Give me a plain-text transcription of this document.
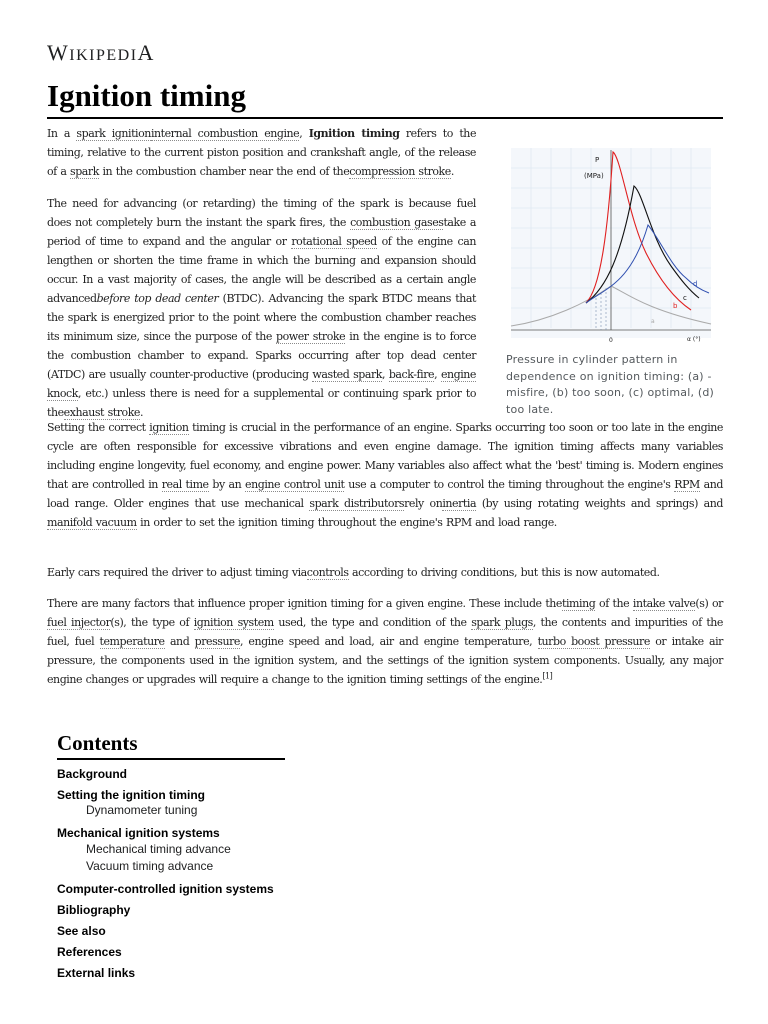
WIKIPEDIA
Ignition timing
In a spark ignitioninternal combustion engine, Ignition timing refers to the timing, relative to the current piston position and crankshaft angle, of the release of a spark in the combustion chamber near the end of thecompression stroke.
The need for advancing (or retarding) the timing of the spark is because fuel does not completely burn the instant the spark fires, the combustion gasestake a period of time to expand and the angular or rotational speed of the engine can lengthen or shorten the time frame in which the burning and expansion should occur. In a vast majority of cases, the angle will be described as a certain angle advancedbefore top dead center (BTDC). Advancing the spark BTDC means that the spark is energized prior to the point where the combustion chamber reaches its minimum size, since the purpose of the power stroke in the engine is to force the combustion chamber to expand. Sparks occurring after top dead center (ATDC) are usually counter-productive (producing wasted spark, back-fire, engine knock, etc.) unless there is need for a supplemental or continuing spark prior to theexhaust stroke.
P
(MPa)
0	α (°)
a
b
c
d
Pressure in cylinder pattern in dependence on ignition timing: (a) - misfire, (b) too soon, (c) optimal, (d) too late.
Setting the correct ignition timing is crucial in the performance of an engine. Sparks occurring too soon or too late in the engine cycle are often responsible for excessive vibrations and even engine damage. The ignition timing affects many variables including engine longevity, fuel economy, and engine power. Many variables also affect what the 'best' timing is. Modern engines that are controlled in real time by an engine control unit use a computer to control the timing throughout the engine's RPM and load range. Older engines that use mechanical spark distributorsrely oninertia (by using rotating weights and springs) and manifold vacuum in order to set the ignition timing throughout the engine's RPM and load range.
Early cars required the driver to adjust timing viacontrols according to driving conditions, but this is now automated.
There are many factors that influence proper ignition timing for a given engine. These include thetiming of the intake valve(s) or fuel injector(s), the type of ignition system used, the type and condition of the spark plugs, the contents and impurities of the fuel, fuel temperature and pressure, engine speed and load, air and engine temperature, turbo boost pressure or intake air pressure, the components used in the ignition system, and the settings of the ignition system components. Usually, any major engine changes or upgrades will require a change to the ignition timing settings of the engine.[1]
Contents
Background
Setting the ignition timing
Dynamometer tuning
Mechanical ignition systems
Mechanical timing advance
Vacuum timing advance
Computer-controlled ignition systems
Bibliography
See also
References
External links
